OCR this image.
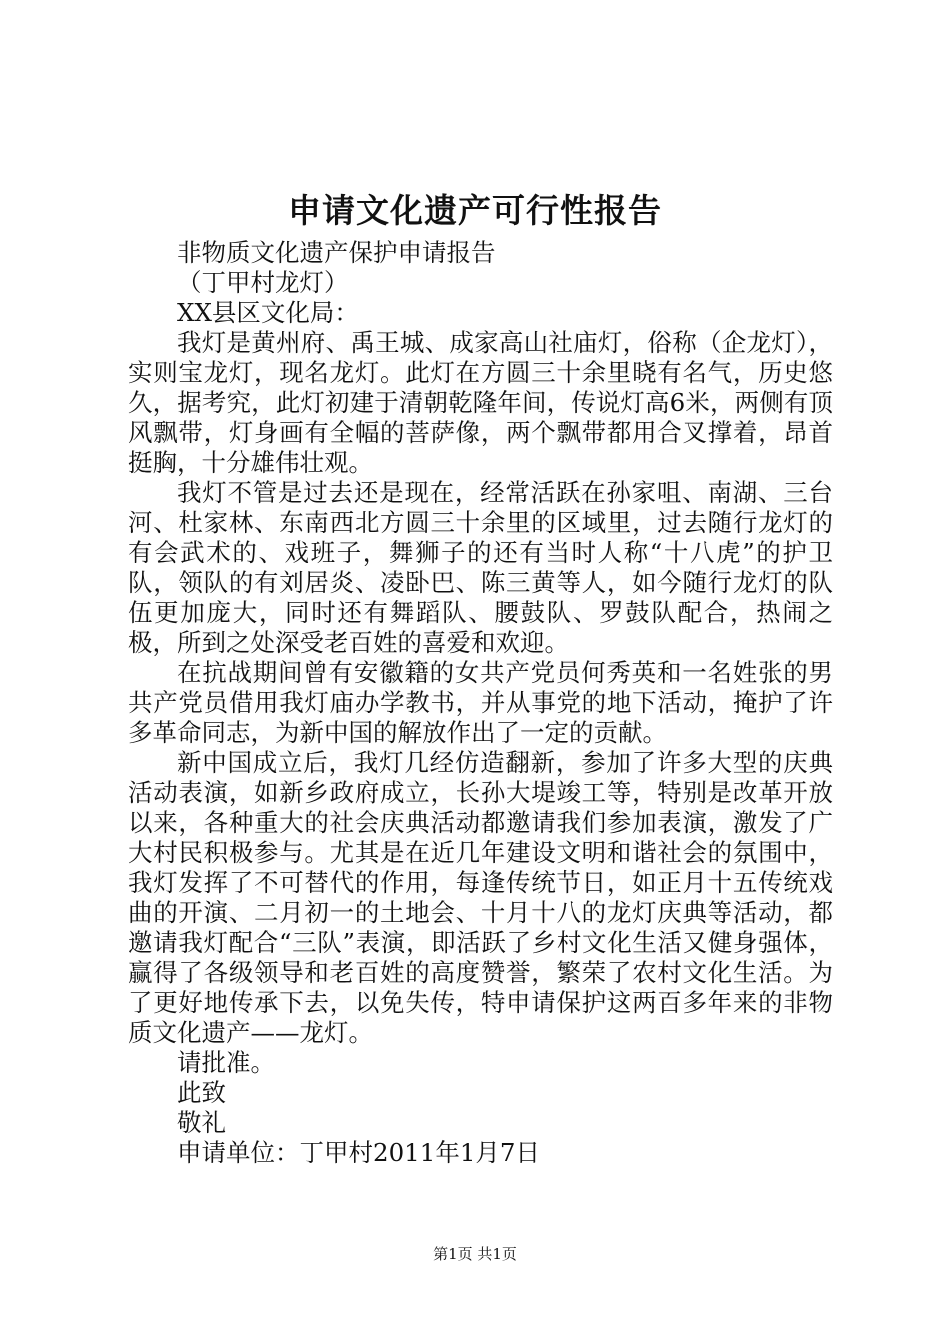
申请文化遗产可行性报告

非物质文化遗产保护申请报告

（丁甲村龙灯）

XX县区文化局：

我灯是黄州府、禹王城、成家高山社庙灯，俗称（企龙灯），实则宝龙灯，现名龙灯。此灯在方圆三十余里晓有名气，历史悠久，据考究，此灯初建于清朝乾隆年间，传说灯高6米，两侧有顶风飘带，灯身画有全幅的菩萨像，两个飘带都用合叉撑着，昂首挺胸，十分雄伟壮观。

我灯不管是过去还是现在，经常活跃在孙家咀、南湖、三台河、杜家林、东南西北方圆三十余里的区域里，过去随行龙灯的有会武术的、戏班子，舞狮子的还有当时人称“十八虎”的护卫队，领队的有刘居炎、凌卧巴、陈三黄等人，如今随行龙灯的队伍更加庞大，同时还有舞蹈队、腰鼓队、罗鼓队配合，热闹之极，所到之处深受老百姓的喜爱和欢迎。

在抗战期间曾有安徽籍的女共产党员何秀英和一名姓张的男共产党员借用我灯庙办学教书，并从事党的地下活动，掩护了许多革命同志，为新中国的解放作出了一定的贡献。

新中国成立后，我灯几经仿造翻新，参加了许多大型的庆典活动表演，如新乡政府成立，长孙大堤竣工等，特别是改革开放以来，各种重大的社会庆典活动都邀请我们参加表演，激发了广大村民积极参与。尤其是在近几年建设文明和谐社会的氛围中，我灯发挥了不可替代的作用，每逢传统节日，如正月十五传统戏曲的开演、二月初一的土地会、十月十八的龙灯庆典等活动，都邀请我灯配合“三队”表演，即活跃了乡村文化生活又健身强体，赢得了各级领导和老百姓的高度赞誉，繁荣了农村文化生活。为了更好地传承下去，以免失传，特申请保护这两百多年来的非物质文化遗产——龙灯。

请批准。

此致

敬礼

申请单位：丁甲村2011年1月7日

第1页 共1页
